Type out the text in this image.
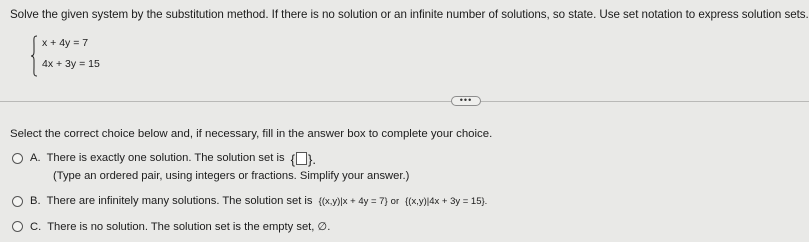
Solve the given system by the substitution method. If there is no solution or an infinite number of solutions, so state. Use set notation to express solution sets.
x + 4y = 7
4x + 3y = 15
•••
Select the correct choice below and, if necessary, fill in the answer box to complete your choice.
A. There is exactly one solution. The solution set is { }.
(Type an ordered pair, using integers or fractions. Simplify your answer.)
B. There are infinitely many solutions. The solution set is {(x,y)|x + 4y = 7} or {(x,y)|4x + 3y = 15}.
C. There is no solution. The solution set is the empty set, ∅.
